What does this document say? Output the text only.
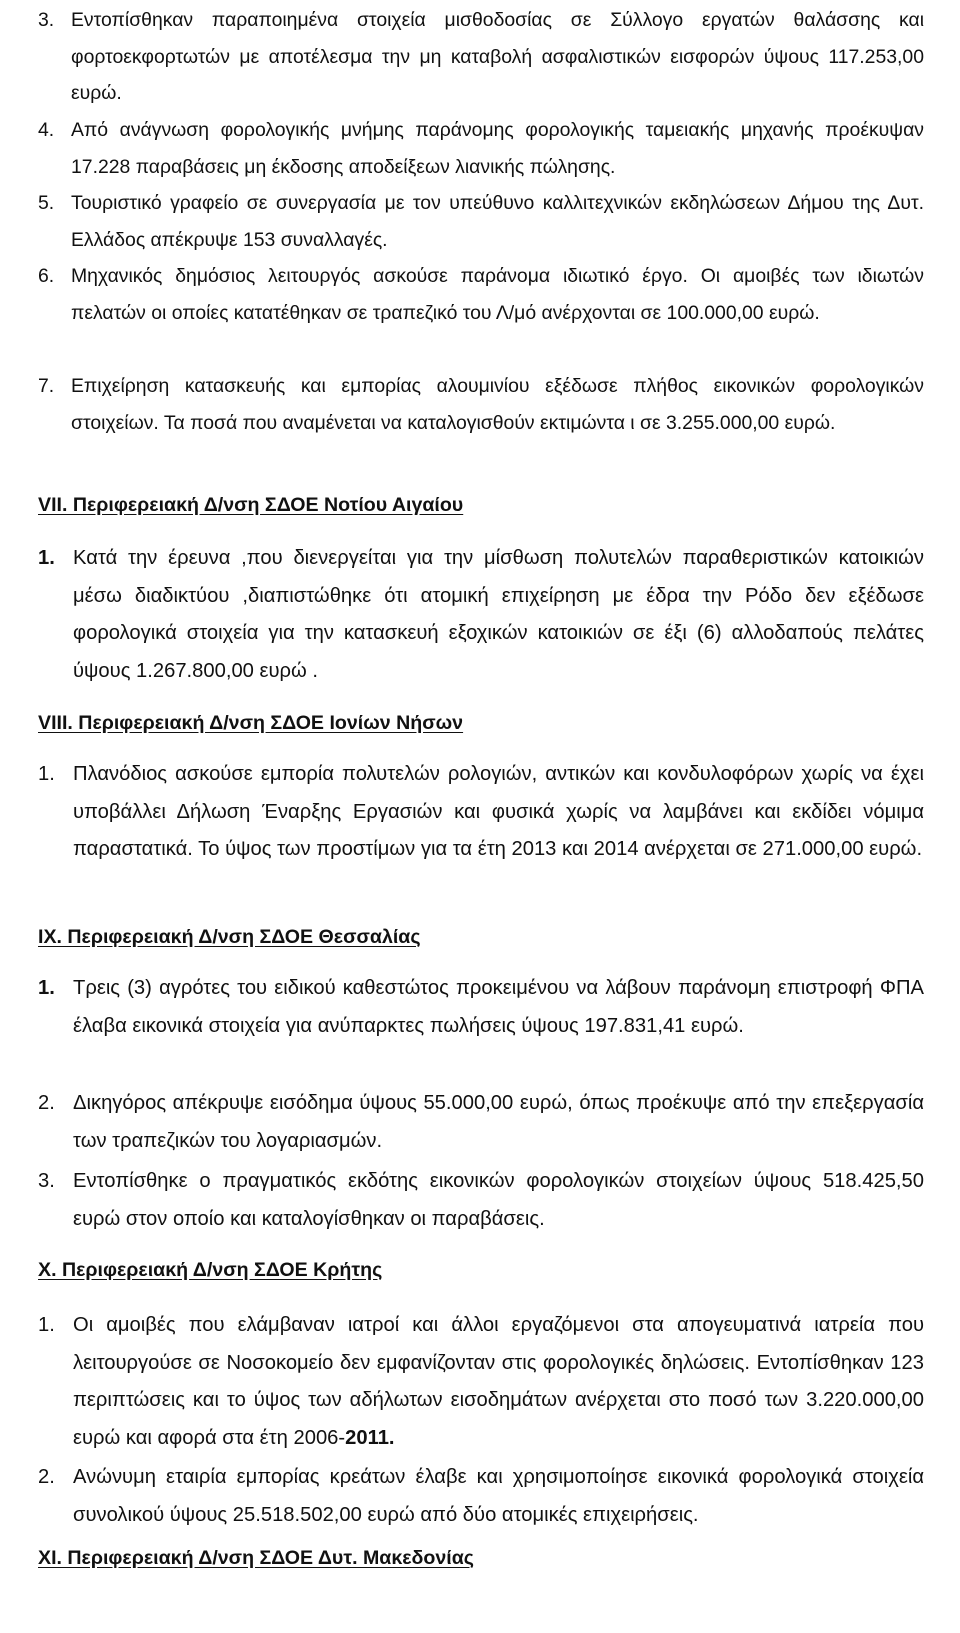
3. Εντοπίσθηκαν παραποιημένα στοιχεία μισθοδοσίας σε Σύλλογο εργατών θαλάσσης και φορτοεκφορτωτών με αποτέλεσμα την μη καταβολή ασφαλιστικών εισφορών ύψους 117.253,00 ευρώ.
4. Από ανάγνωση φορολογικής μνήμης παράνομης φορολογικής ταμειακής μηχανής προέκυψαν 17.228 παραβάσεις μη έκδοσης αποδείξεων λιανικής πώλησης.
5. Τουριστικό γραφείο σε συνεργασία με τον υπεύθυνο καλλιτεχνικών εκδηλώσεων Δήμου της Δυτ. Ελλάδος απέκρυψε 153 συναλλαγές.
6. Μηχανικός δημόσιος λειτουργός ασκούσε παράνομα ιδιωτικό έργο. Οι αμοιβές των ιδιωτών πελατών οι οποίες κατατέθηκαν σε τραπεζικό του Λ/μό ανέρχονται σε 100.000,00 ευρώ.
7. Επιχείρηση κατασκευής και εμπορίας αλουμινίου εξέδωσε πλήθος εικονικών φορολογικών στοιχείων. Τα ποσά που αναμένεται να καταλογισθούν εκτιμώντα ι σε 3.255.000,00 ευρώ.
VII. Περιφερειακή Δ/νση ΣΔΟΕ Νοτίου Αιγαίου
1. Κατά την έρευνα ,που διενεργείται για την μίσθωση πολυτελών παραθεριστικών κατοικιών μέσω διαδικτύου ,διαπιστώθηκε ότι ατομική επιχείρηση με έδρα την Ρόδο δεν εξέδωσε φορολογικά στοιχεία για την κατασκευή εξοχικών κατοικιών σε έξι (6) αλλοδαπούς πελάτες ύψους 1.267.800,00 ευρώ .
VIII. Περιφερειακή Δ/νση ΣΔΟΕ Ιονίων Νήσων
1. Πλανόδιος ασκούσε εμπορία πολυτελών ρολογιών, αντικών και κονδυλοφόρων χωρίς να έχει υποβάλλει Δήλωση Έναρξης Εργασιών και φυσικά χωρίς να λαμβάνει και εκδίδει νόμιμα παραστατικά. Το ύψος των προστίμων για τα έτη 2013 και 2014 ανέρχεται σε 271.000,00 ευρώ.
IX. Περιφερειακή Δ/νση ΣΔΟΕ Θεσσαλίας
1. Τρεις (3) αγρότες του ειδικού καθεστώτος προκειμένου να λάβουν παράνομη επιστροφή ΦΠΑ έλαβα εικονικά στοιχεία για ανύπαρκτες πωλήσεις ύψους 197.831,41 ευρώ.
2. Δικηγόρος απέκρυψε εισόδημα ύψους 55.000,00 ευρώ, όπως προέκυψε από την επεξεργασία των τραπεζικών του λογαριασμών.
3. Εντοπίσθηκε ο πραγματικός εκδότης εικονικών φορολογικών στοιχείων ύψους 518.425,50 ευρώ στον οποίο και καταλογίσθηκαν οι παραβάσεις.
X. Περιφερειακή Δ/νση ΣΔΟΕ Κρήτης
1. Οι αμοιβές που ελάμβαναν ιατροί και άλλοι εργαζόμενοι στα απογευματινά ιατρεία που λειτουργούσε σε Νοσοκομείο δεν εμφανίζονταν στις φορολογικές δηλώσεις. Εντοπίσθηκαν 123 περιπτώσεις και το ύψος των αδήλωτων εισοδημάτων ανέρχεται στο ποσό των 3.220.000,00 ευρώ και αφορά στα έτη 2006-2011.
2. Ανώνυμη εταιρία εμπορίας κρεάτων έλαβε και χρησιμοποίησε εικονικά φορολογικά στοιχεία συνολικού ύψους 25.518.502,00 ευρώ από δύο ατομικές επιχειρήσεις.
XI. Περιφερειακή Δ/νση ΣΔΟΕ Δυτ. Μακεδονίας
